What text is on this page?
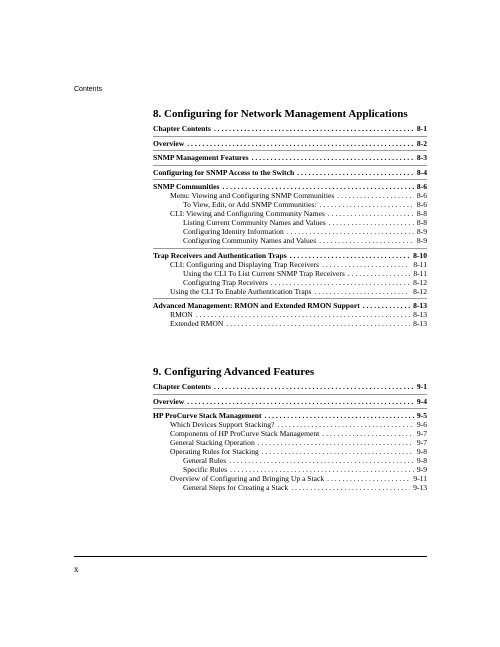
Contents
8. Configuring for Network Management Applications
Chapter Contents . . .	8-1
Overview . . .	8-2
SNMP Management Features . . .	8-3
Configuring for SNMP Access to the Switch . . .	8-4
SNMP Communities . . .	8-6
Menu: Viewing and Configuring SNMP Communities . . .	8-6
To View, Edit, or Add SNMP Communities: . . .	8-6
CLI: Viewing and Configuring Community Names . . .	8-8
Listing Current Community Names and Values . . .	8-8
Configuring Identity Information . . .	8-9
Configuring Community Names and Values . . .	8-9
Trap Receivers and Authentication Traps . . .	8-10
CLI: Configuring and Displaying Trap Receivers . . .	8-11
Using the CLI To List Current SNMP Trap Receivers . . .	8-11
Configuring Trap Receivers . . .	8-12
Using the CLI To Enable Authentication Traps . . .	8-12
Advanced Management: RMON and Extended RMON Support . . .	8-13
RMON . . .	8-13
Extended RMON . . .	8-13
9. Configuring Advanced Features
Chapter Contents . . .	9-1
Overview . . .	9-4
HP ProCurve Stack Management . . .	9-5
Which Devices Support Stacking? . . .	9-6
Components of HP ProCurve Stack Management . . .	9-7
General Stacking Operation . . .	9-7
Operating Rules for Stacking . . .	9-8
General Rules . . .	9-8
Specific Rules . . .	9-9
Overview of Configuring and Bringing Up a Stack . . .	9-11
General Steps for Creating a Stack . . .	9-13
x
